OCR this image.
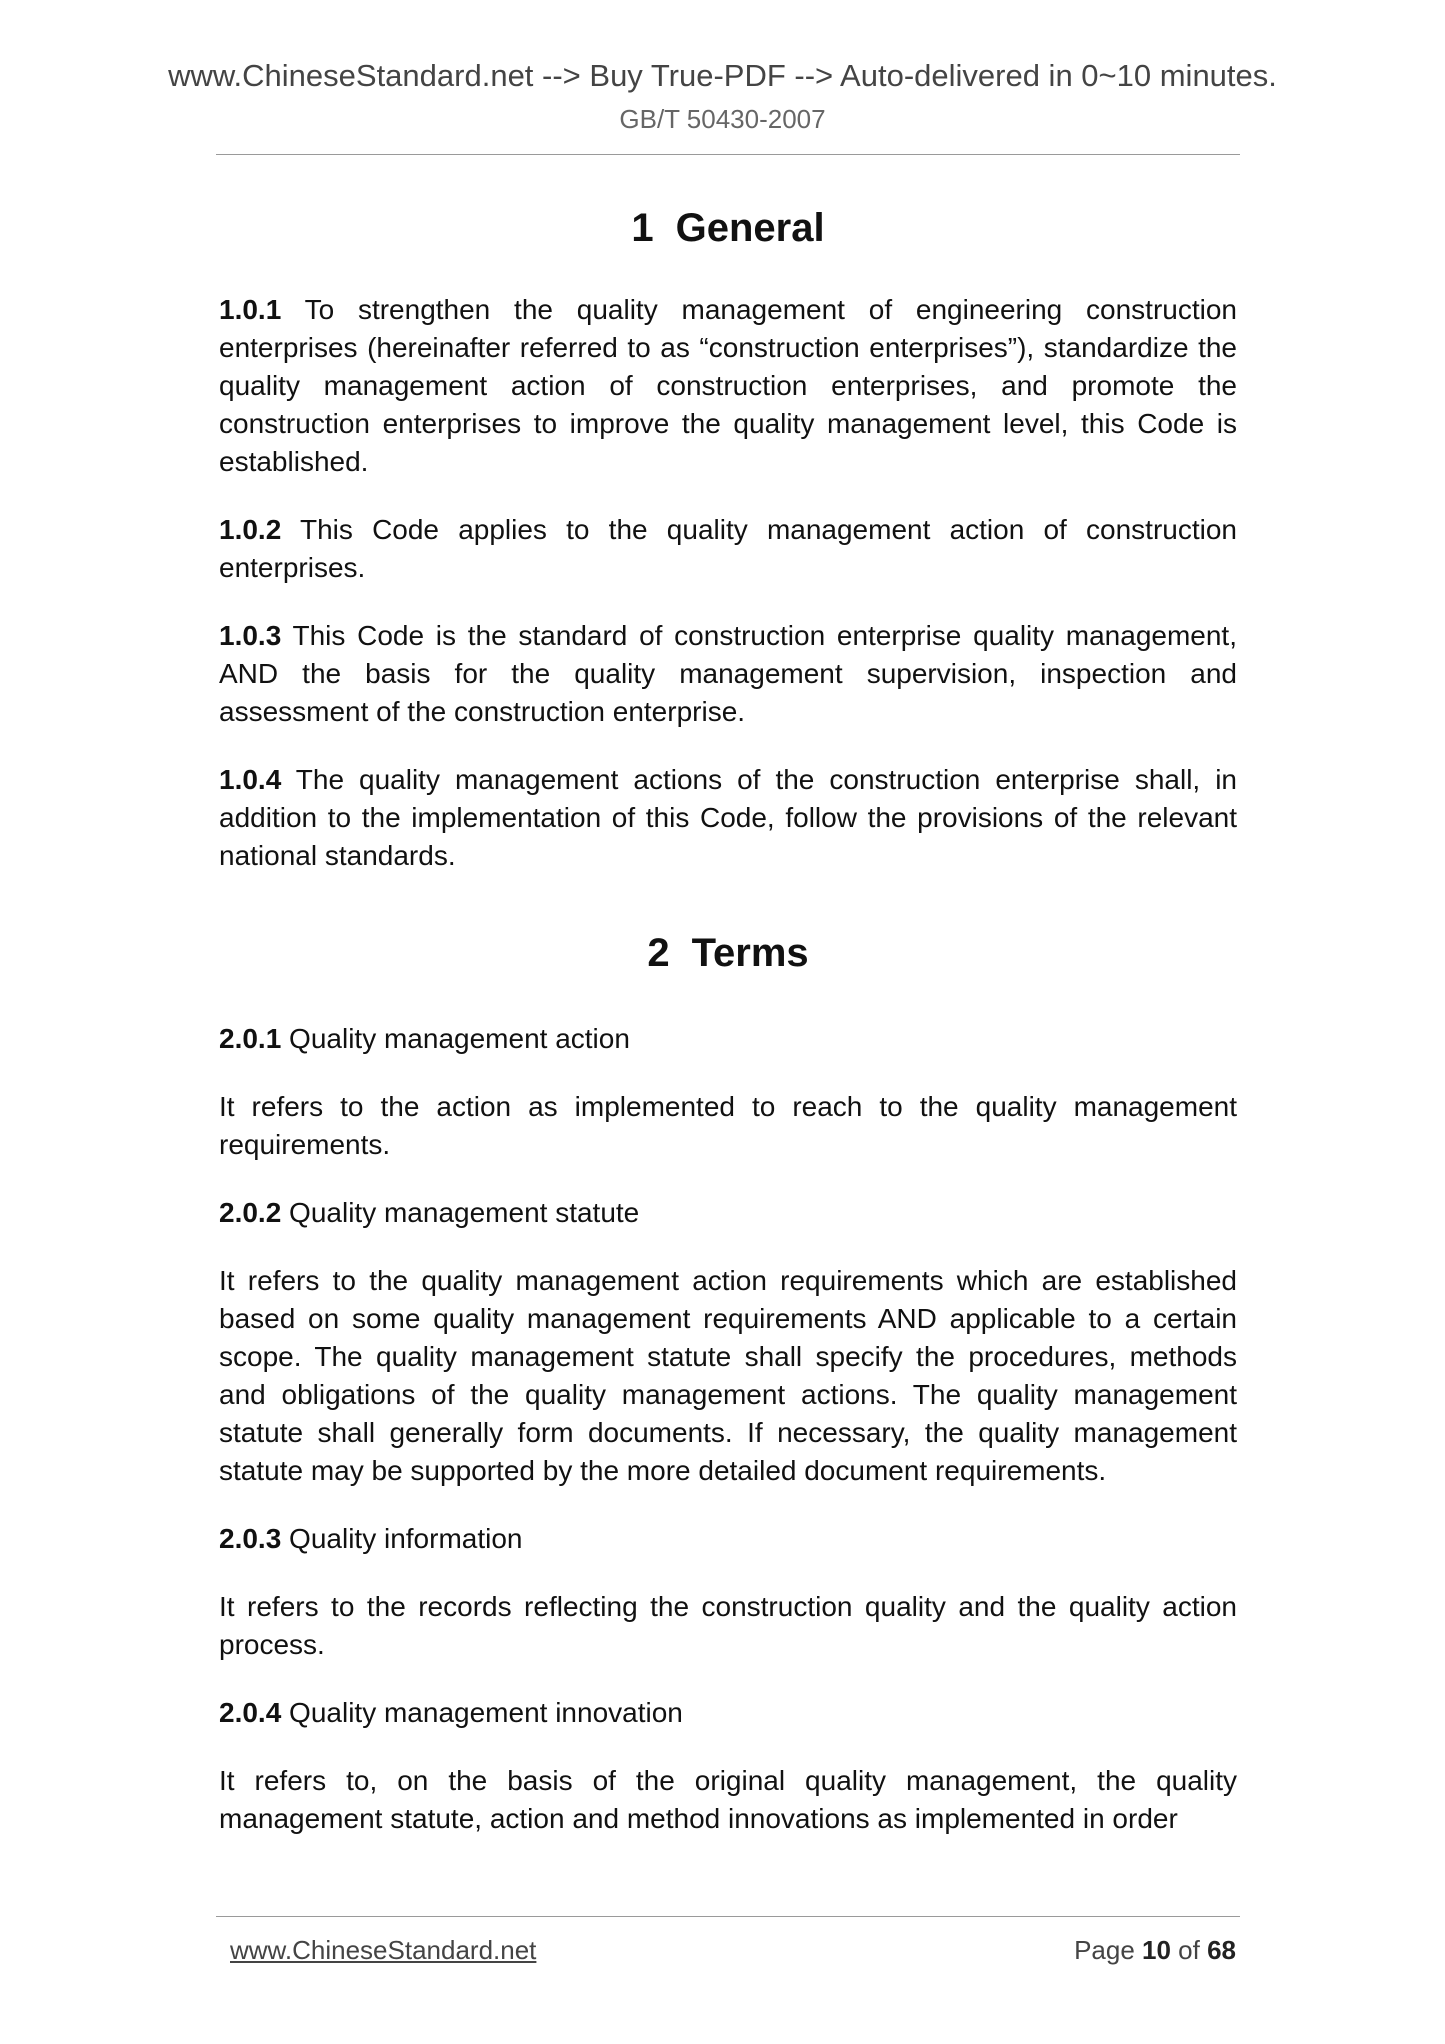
www.ChineseStandard.net --> Buy True-PDF --> Auto-delivered in 0~10 minutes.
GB/T 50430-2007
1 General

1.0.1 To strengthen the quality management of engineering construction enterprises (hereinafter referred to as “construction enterprises”), standardize the quality management action of construction enterprises, and promote the construction enterprises to improve the quality management level, this Code is established.

1.0.2 This Code applies to the quality management action of construction enterprises.

1.0.3 This Code is the standard of construction enterprise quality management, AND the basis for the quality management supervision, inspection and assessment of the construction enterprise.

1.0.4 The quality management actions of the construction enterprise shall, in addition to the implementation of this Code, follow the provisions of the relevant national standards.

2 Terms

2.0.1 Quality management action

It refers to the action as implemented to reach to the quality management requirements.

2.0.2 Quality management statute

It refers to the quality management action requirements which are established based on some quality management requirements AND applicable to a certain scope. The quality management statute shall specify the procedures, methods and obligations of the quality management actions. The quality management statute shall generally form documents. If necessary, the quality management statute may be supported by the more detailed document requirements.

2.0.3 Quality information

It refers to the records reflecting the construction quality and the quality action process.

2.0.4 Quality management innovation

It refers to, on the basis of the original quality management, the quality management statute, action and method innovations as implemented in order

www.ChineseStandard.net	Page 10 of 68
